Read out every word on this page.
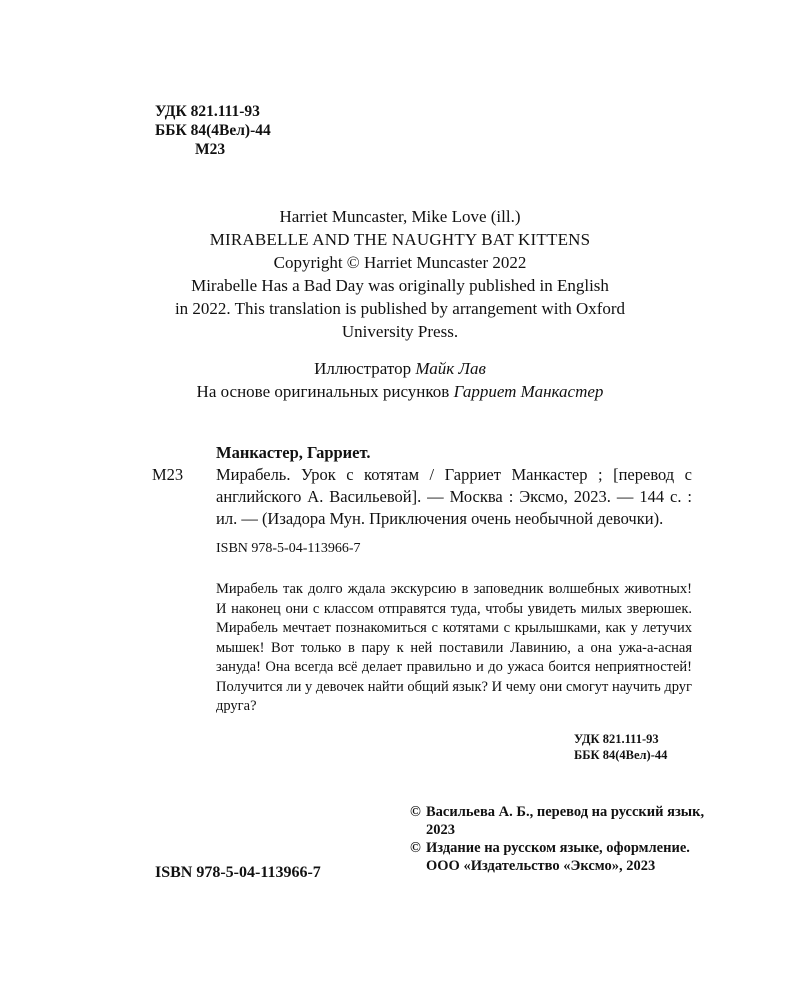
УДК 821.111-93
ББК 84(4Вел)-44
М23
Harriet Muncaster, Mike Love (ill.)
MIRABELLE AND THE NAUGHTY BAT KITTENS
Copyright © Harriet Muncaster 2022
Mirabelle Has a Bad Day was originally published in English
in 2022. This translation is published by arrangement with Oxford
University Press.
Иллюстратор Майк Лав
На основе оригинальных рисунков Гарриет Манкастер
Манкастер, Гарриет.
М23	Мирабель. Урок с котятам / Гарриет Манкастер ; [перевод с английского А. Васильевой]. — Москва : Эксмо, 2023. — 144 с. : ил. — (Изадора Мун. Приключения очень необычной девочки).
ISBN 978-5-04-113966-7
Мирабель так долго ждала экскурсию в заповедник волшебных животных! И наконец они с классом отправятся туда, чтобы увидеть милых зверюшек. Мирабель мечтает познакомиться с котятами с крылышками, как у летучих мышек! Вот только в пару к ней поставили Лавинию, а она ужа-а-асная зануда! Она всегда всё делает правильно и до ужаса боится неприятностей! Получится ли у девочек найти общий язык? И чему они смогут научить друг друга?
УДК 821.111-93
ББК 84(4Вел)-44
© Васильева А. Б., перевод на русский язык, 2023
© Издание на русском языке, оформление. ООО «Издательство «Эксмо», 2023
ISBN 978-5-04-113966-7
